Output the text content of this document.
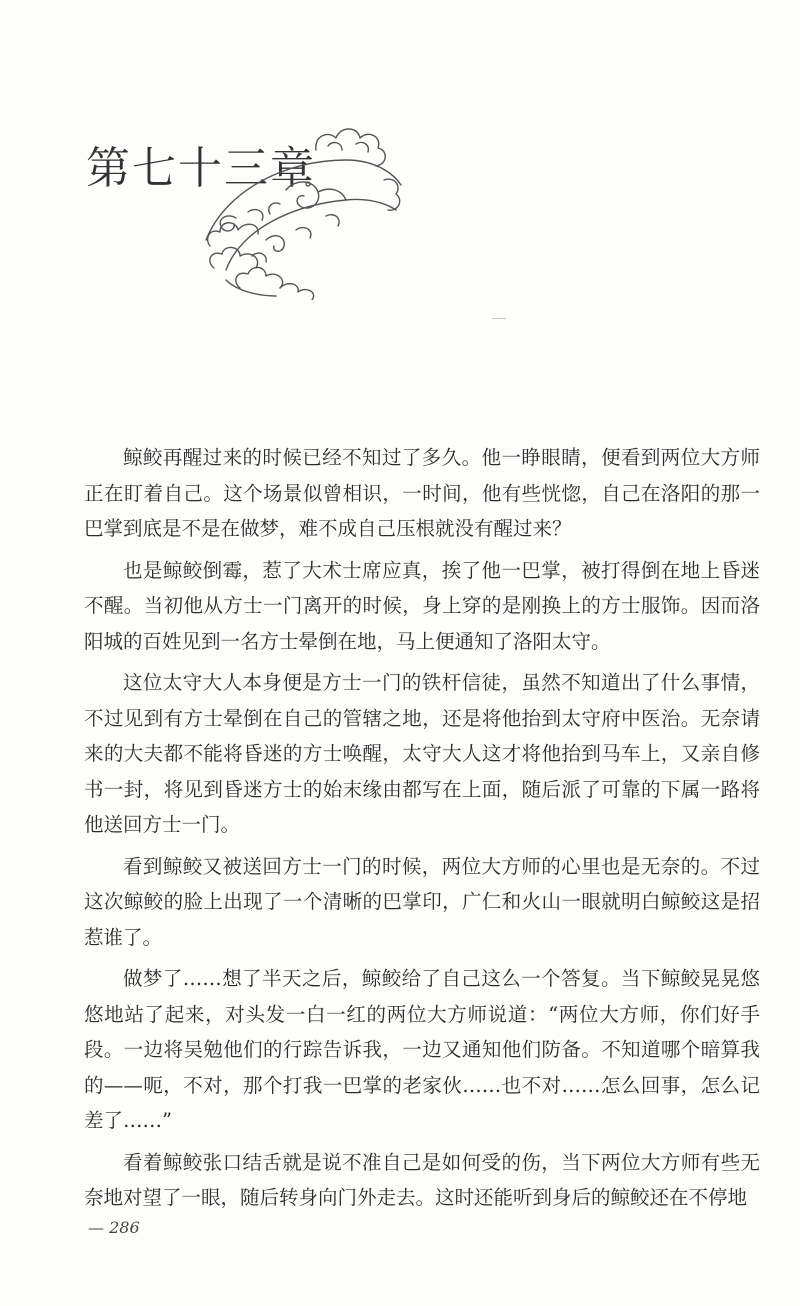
第七十三章

鲸鲛再醒过来的时候已经不知过了多久。他一睁眼睛，便看到两位大方师正在盯着自己。这个场景似曾相识，一时间，他有些恍惚，自己在洛阳的那一巴掌到底是不是在做梦，难不成自己压根就没有醒过来？

也是鲸鲛倒霉，惹了大术士席应真，挨了他一巴掌，被打得倒在地上昏迷不醒。当初他从方士一门离开的时候，身上穿的是刚换上的方士服饰。因而洛阳城的百姓见到一名方士晕倒在地，马上便通知了洛阳太守。

这位太守大人本身便是方士一门的铁杆信徒，虽然不知道出了什么事情，不过见到有方士晕倒在自己的管辖之地，还是将他抬到太守府中医治。无奈请来的大夫都不能将昏迷的方士唤醒，太守大人这才将他抬到马车上，又亲自修书一封，将见到昏迷方士的始末缘由都写在上面，随后派了可靠的下属一路将他送回方士一门。

看到鲸鲛又被送回方士一门的时候，两位大方师的心里也是无奈的。不过这次鲸鲛的脸上出现了一个清晰的巴掌印，广仁和火山一眼就明白鲸鲛这是招惹谁了。

做梦了……想了半天之后，鲸鲛给了自己这么一个答复。当下鲸鲛晃晃悠悠地站了起来，对头发一白一红的两位大方师说道：“两位大方师，你们好手段。一边将吴勉他们的行踪告诉我，一边又通知他们防备。不知道哪个暗算我的——呃，不对，那个打我一巴掌的老家伙……也不对……怎么回事，怎么记差了……”

看着鲸鲛张口结舌就是说不准自己是如何受的伤，当下两位大方师有些无奈地对望了一眼，随后转身向门外走去。这时还能听到身后的鲸鲛还在不停地

— 286
